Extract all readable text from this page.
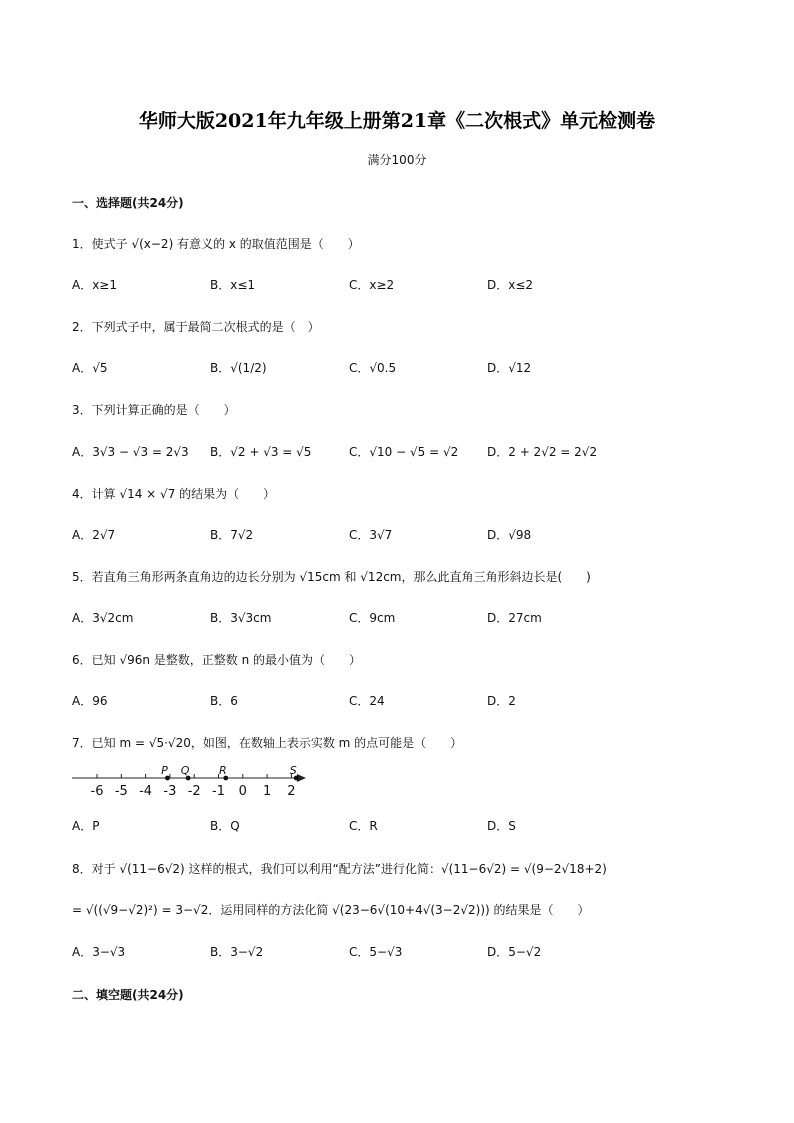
华师大版2021年九年级上册第21章《二次根式》单元检测卷
满分100分
一、选择题(共24分)
1．使式子 √(x−2) 有意义的 x 的取值范围是（　　）
A．x≥1	B．x≤1	C．x≥2	D．x≤2
2．下列式子中，属于最简二次根式的是（　）
A．√5	B．√(1/2)	C．√0.5	D．√12
3．下列计算正确的是（　　）
A．3√3 − √3 = 2√3 B．√2 + √3 = √5	C．√10 − √5 = √2 D．2 + 2√2 = 2√2
4．计算 √14 × √7 的结果为（　　）
A．2√7	B．7√2	C．3√7	D．√98
5．若直角三角形两条直角边的边长分别为 √15cm 和 √12cm，那么此直角三角形斜边长是(　　)
A．3√2cm	B．3√3cm	C．9cm	D．27cm
6．已知 √96n 是整数，正整数 n 的最小值为（　　）
A．96	B．6	C．24	D．2
7．已知 m = √5·√20，如图，在数轴上表示实数 m 的点可能是（　　）
-6 -5 -4 -3 -2 -1 0 1 2
P Q	R	S
A．P	B．Q	C．R	D．S
8．对于 √(11−6√2) 这样的根式，我们可以利用“配方法”进行化简：√(11−6√2) = √(9−2√18+2)
= √((√9−√2)²) = 3−√2．运用同样的方法化简 √(23−6√(10+4√(3−2√2))) 的结果是（　　）
A．3−√3	B．3−√2	C．5−√3	D．5−√2
二、填空题(共24分)
